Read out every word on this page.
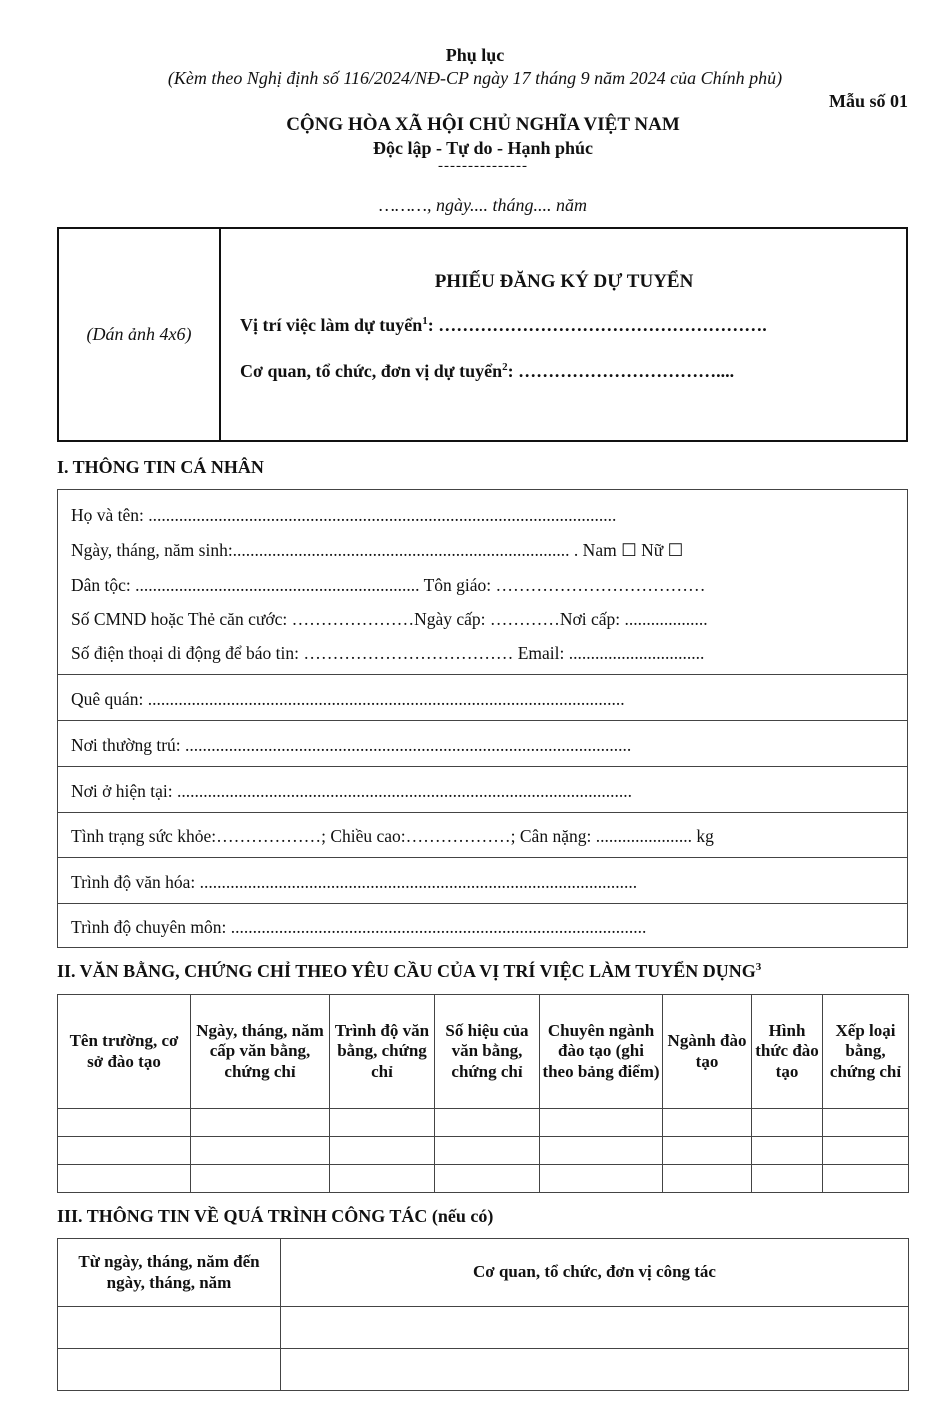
Phụ lục
(Kèm theo Nghị định số 116/2024/NĐ-CP ngày 17 tháng 9 năm 2024 của Chính phủ)
Mẫu số 01
CỘNG HÒA XÃ HỘI CHỦ NGHĨA VIỆT NAM
Độc lập - Tự do - Hạnh phúc
---------------
………, ngày.... tháng.... năm
(Dán ảnh 4x6)
PHIẾU ĐĂNG KÝ DỰ TUYỂN
Vị trí việc làm dự tuyển$^1$: ……………………………………………….
Cơ quan, tổ chức, đơn vị dự tuyển$^2$: ……………………………....
I. THÔNG TIN CÁ NHÂN
Họ và tên: ...........................................................................................................
Ngày, tháng, năm sinh:............................................................................. . Nam ☐ Nữ ☐
Dân tộc: ................................................................. Tôn giáo: ………………………………
Số CMND hoặc Thẻ căn cước: …………………Ngày cấp: …………Nơi cấp: ...................
Số điện thoại di động để báo tin: ……………………………… Email: ...............................
Quê quán: .............................................................................................................
Nơi thường trú: ......................................................................................................
Nơi ở hiện tại: ........................................................................................................
Tình trạng sức khỏe:………………; Chiều cao:………………; Cân nặng: ...................... kg
Trình độ văn hóa: ....................................................................................................
Trình độ chuyên môn: ...............................................................................................
II. VĂN BẰNG, CHỨNG CHỈ THEO YÊU CẦU CỦA VỊ TRÍ VIỆC LÀM TUYỂN DỤNG$^3$
Tên trường, cơ sở đào tạo	Ngày, tháng, năm cấp văn bằng, chứng chỉ	Trình độ văn bằng, chứng chỉ	Số hiệu của văn bằng, chứng chỉ	Chuyên ngành đào tạo (ghi theo bảng điểm)	Ngành đào tạo	Hình thức đào tạo	Xếp loại bằng, chứng chỉ

III. THÔNG TIN VỀ QUÁ TRÌNH CÔNG TÁC (nếu có)
Từ ngày, tháng, năm đến ngày, tháng, năm	Cơ quan, tổ chức, đơn vị công tác
